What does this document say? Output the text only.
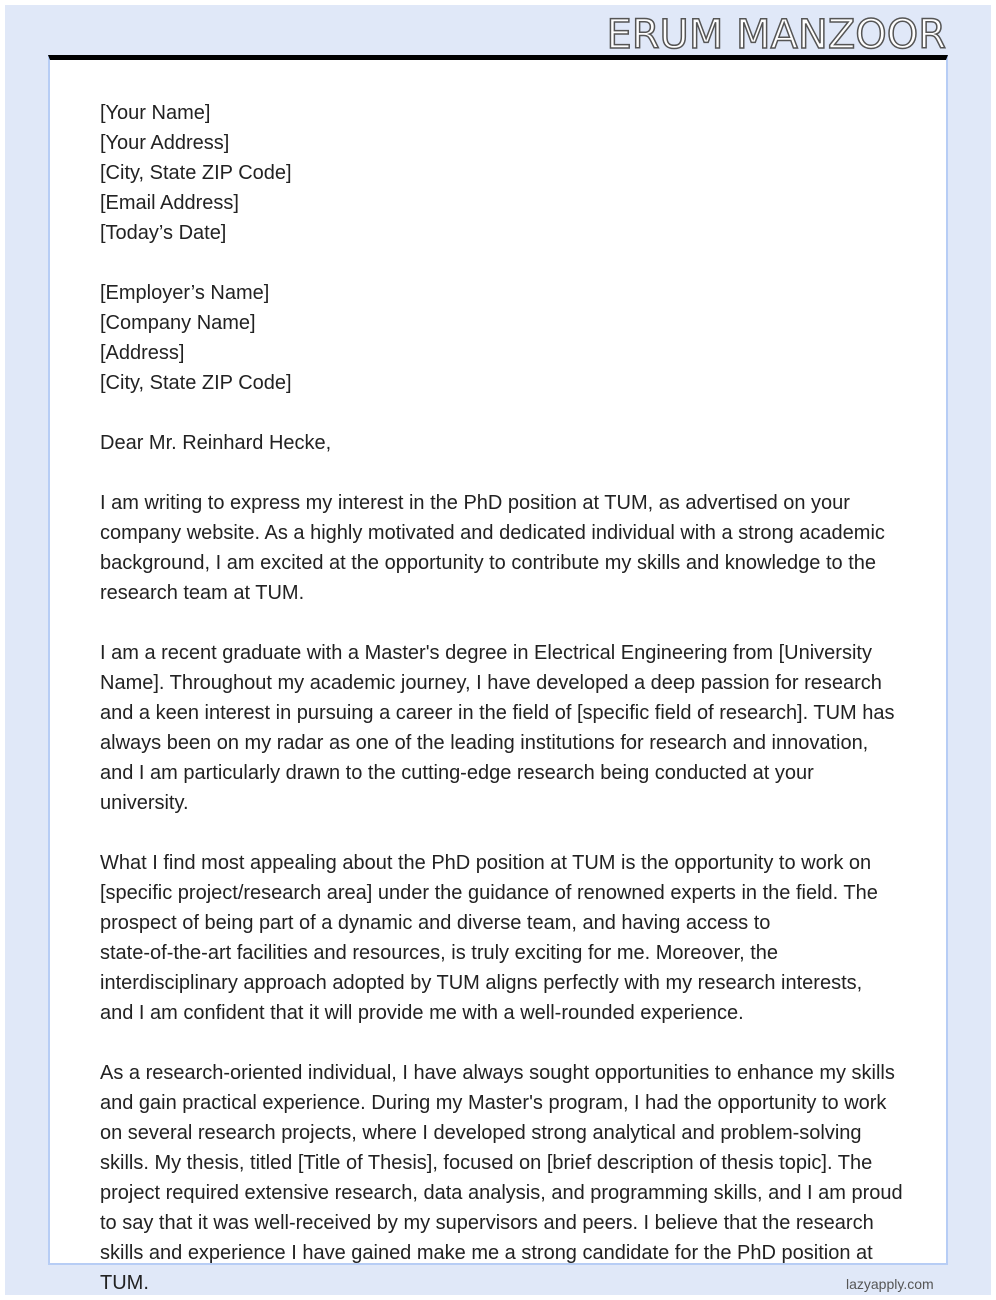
ERUM MANZOOR
[Your Name]
[Your Address]
[City, State ZIP Code]
[Email Address]
[Today’s Date]
[Employer’s Name]
[Company Name]
[Address]
[City, State ZIP Code]
Dear Mr. Reinhard Hecke,
I am writing to express my interest in the PhD position at TUM, as advertised on your
company website. As a highly motivated and dedicated individual with a strong academic
background, I am excited at the opportunity to contribute my skills and knowledge to the
research team at TUM.
I am a recent graduate with a Master's degree in Electrical Engineering from [University
Name]. Throughout my academic journey, I have developed a deep passion for research
and a keen interest in pursuing a career in the field of [specific field of research]. TUM has
always been on my radar as one of the leading institutions for research and innovation,
and I am particularly drawn to the cutting-edge research being conducted at your
university.
What I find most appealing about the PhD position at TUM is the opportunity to work on
[specific project/research area] under the guidance of renowned experts in the field. The
prospect of being part of a dynamic and diverse team, and having access to
state-of-the-art facilities and resources, is truly exciting for me. Moreover, the
interdisciplinary approach adopted by TUM aligns perfectly with my research interests,
and I am confident that it will provide me with a well-rounded experience.
As a research-oriented individual, I have always sought opportunities to enhance my skills
and gain practical experience. During my Master's program, I had the opportunity to work
on several research projects, where I developed strong analytical and problem-solving
skills. My thesis, titled [Title of Thesis], focused on [brief description of thesis topic]. The
project required extensive research, data analysis, and programming skills, and I am proud
to say that it was well-received by my supervisors and peers. I believe that the research
skills and experience I have gained make me a strong candidate for the PhD position at
TUM.	lazyapply.com
